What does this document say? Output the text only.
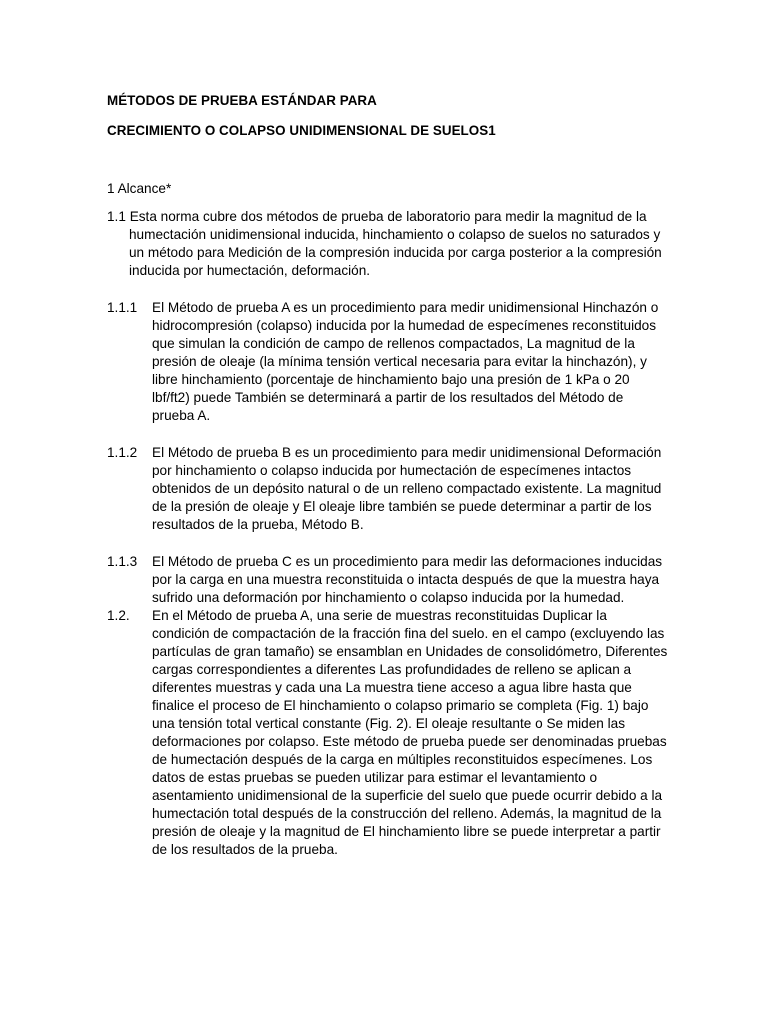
MÉTODOS DE PRUEBA ESTÁNDAR PARA

CRECIMIENTO O COLAPSO UNIDIMENSIONAL DE SUELOS1

1 Alcance*

1.1 Esta norma cubre dos métodos de prueba de laboratorio para medir la magnitud de la humectación unidimensional inducida, hinchamiento o colapso de suelos no saturados y un método para Medición de la compresión inducida por carga posterior a la compresión inducida por humectación, deformación.

1.1.1	El Método de prueba A es un procedimiento para medir unidimensional Hinchazón o hidrocompresión (colapso) inducida por la humedad de especímenes reconstituidos que simulan la condición de campo de rellenos compactados, La magnitud de la presión de oleaje (la mínima tensión vertical necesaria para evitar la hinchazón), y libre hinchamiento (porcentaje de hinchamiento bajo una presión de 1 kPa o 20 lbf/ft2) puede También se determinará a partir de los resultados del Método de prueba A.
1.1.2	El Método de prueba B es un procedimiento para medir unidimensional Deformación por hinchamiento o colapso inducida por humectación de especímenes intactos obtenidos de un depósito natural o de un relleno compactado existente. La magnitud de la presión de oleaje y El oleaje libre también se puede determinar a partir de los resultados de la prueba, Método B.
1.1.3	El Método de prueba C es un procedimiento para medir las deformaciones inducidas por la carga en una muestra reconstituida o intacta después de que la muestra haya sufrido una deformación por hinchamiento o colapso inducida por la humedad.
1.2.	En el Método de prueba A, una serie de muestras reconstituidas Duplicar la condición de compactación de la fracción fina del suelo. en el campo (excluyendo las partículas de gran tamaño) se ensamblan en Unidades de consolidómetro, Diferentes cargas correspondientes a diferentes Las profundidades de relleno se aplican a diferentes muestras y cada una La muestra tiene acceso a agua libre hasta que finalice el proceso de El hinchamiento o colapso primario se completa (Fig. 1) bajo una tensión total vertical constante (Fig. 2). El oleaje resultante o Se miden las deformaciones por colapso. Este método de prueba puede ser denominadas pruebas de humectación después de la carga en múltiples reconstituidos especímenes. Los datos de estas pruebas se pueden utilizar para estimar el levantamiento o asentamiento unidimensional de la superficie del suelo que puede ocurrir debido a la humectación total después de la construcción del relleno. Además, la magnitud de la presión de oleaje y la magnitud de El hinchamiento libre se puede interpretar a partir de los resultados de la prueba.
